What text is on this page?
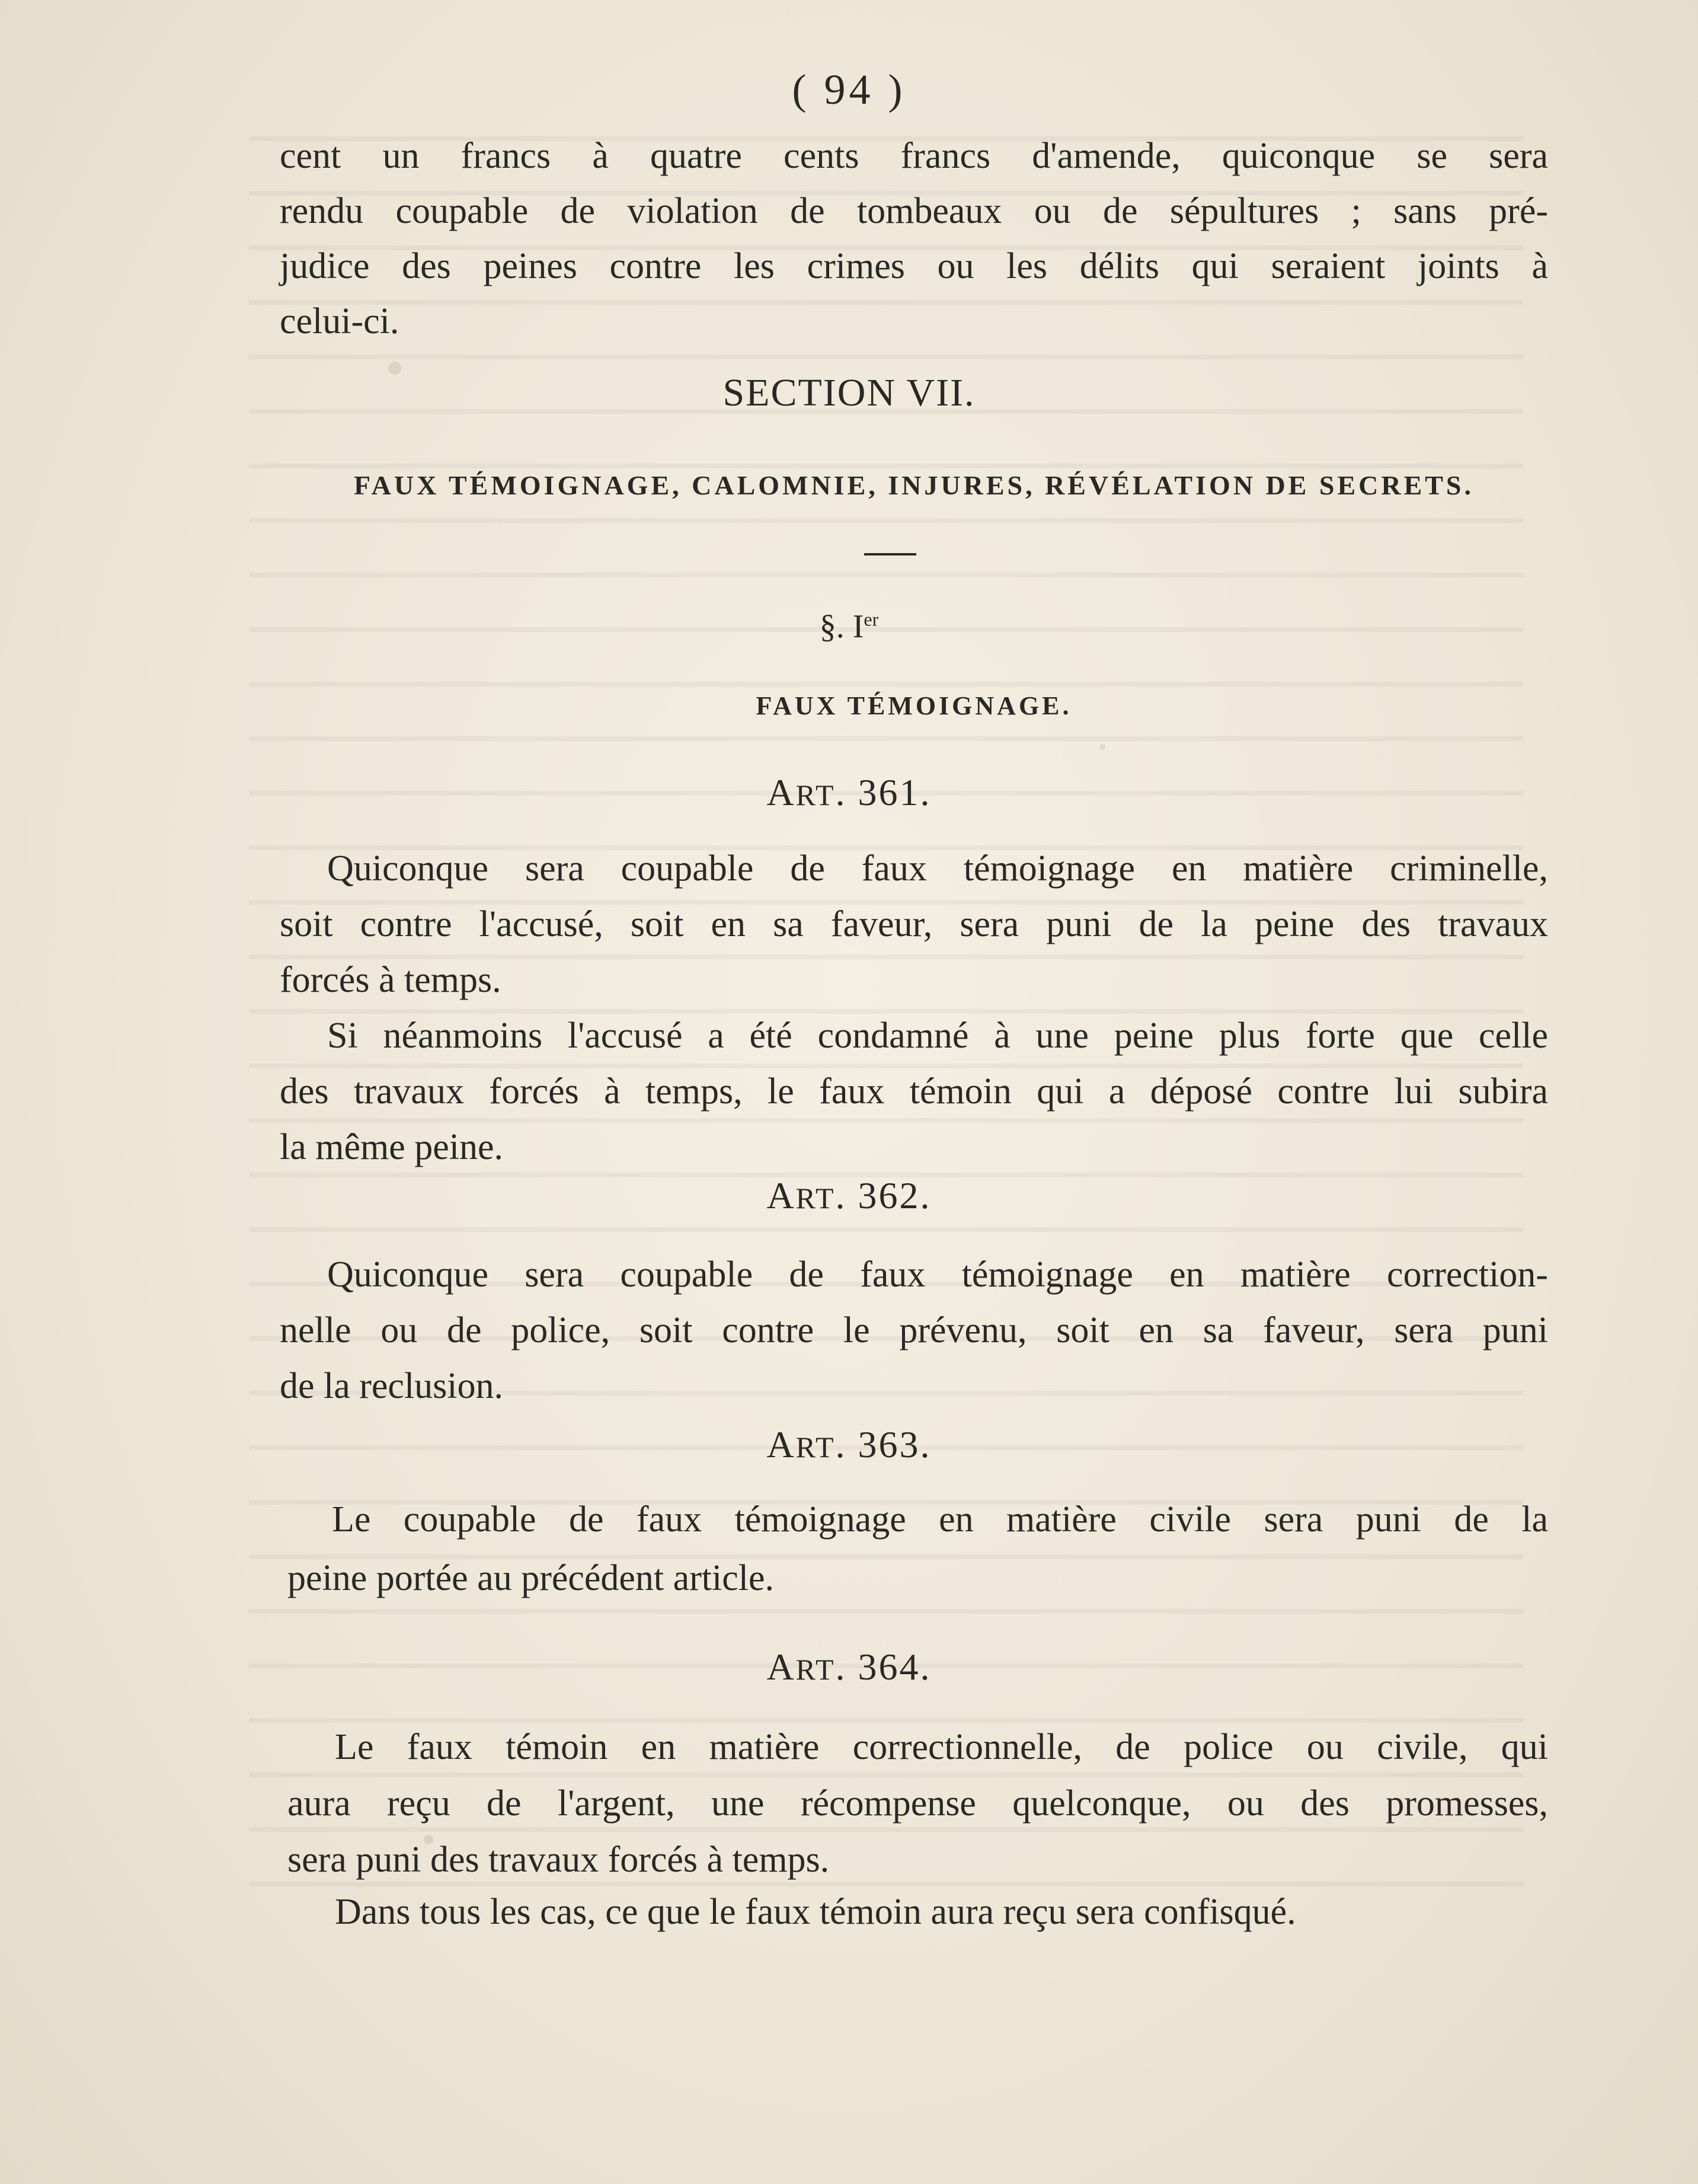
( 94 )
cent un francs à quatre cents francs d'amende, quiconque se sera
rendu coupable de violation de tombeaux ou de sépultures ; sans pré-
judice des peines contre les crimes ou les délits qui seraient joints à
celui-ci.
SECTION VII.
FAUX TÉMOIGNAGE, CALOMNIE, INJURES, RÉVÉLATION DE SECRETS.
§. Ier
FAUX TÉMOIGNAGE.
ART. 361.
Quiconque sera coupable de faux témoignage en matière criminelle,
soit contre l'accusé, soit en sa faveur, sera puni de la peine des travaux
forcés à temps.
Si néanmoins l'accusé a été condamné à une peine plus forte que celle
des travaux forcés à temps, le faux témoin qui a déposé contre lui subira
la même peine.
ART. 362.
Quiconque sera coupable de faux témoignage en matière correction-
nelle ou de police, soit contre le prévenu, soit en sa faveur, sera puni
de la reclusion.
ART. 363.
Le coupable de faux témoignage en matière civile sera puni de la
peine portée au précédent article.
ART. 364.
Le faux témoin en matière correctionnelle, de police ou civile, qui
aura reçu de l'argent, une récompense quelconque, ou des promesses,
sera puni des travaux forcés à temps.
Dans tous les cas, ce que le faux témoin aura reçu sera confisqué.
